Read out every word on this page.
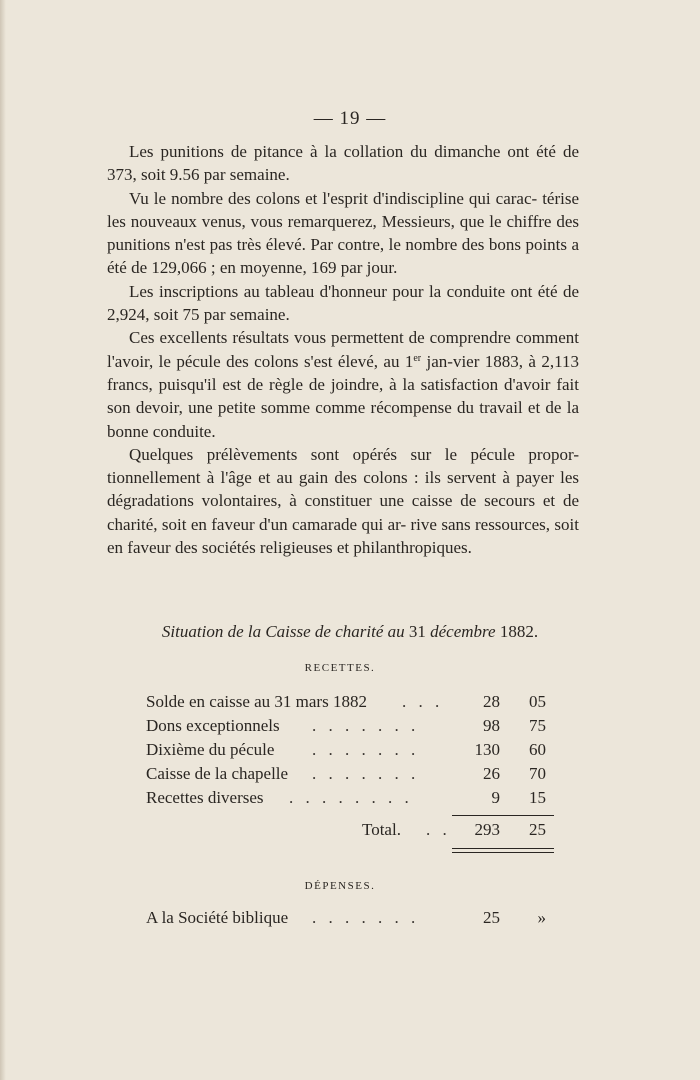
— 19 —

Les punitions de pitance à la collation du dimanche ont été de 373, soit 9.56 par semaine.

Vu le nombre des colons et l'esprit d'indiscipline qui carac- térise les nouveaux venus, vous remarquerez, Messieurs, que le chiffre des punitions n'est pas très élevé. Par contre, le nombre des bons points a été de 129,066 ; en moyenne, 169 par jour.

Les inscriptions au tableau d'honneur pour la conduite ont été de 2,924, soit 75 par semaine.

Ces excellents résultats vous permettent de comprendre comment l'avoir, le pécule des colons s'est élevé, au 1er jan-vier 1883, à 2,113 francs, puisqu'il est de règle de joindre, à la satisfaction d'avoir fait son devoir, une petite somme comme récompense du travail et de la bonne conduite.

Quelques prélèvements sont opérés sur le pécule propor- tionnellement à l'âge et au gain des colons : ils servent à payer les dégradations volontaires, à constituer une caisse de secours et de charité, soit en faveur d'un camarade qui ar- rive sans ressources, soit en faveur des sociétés religieuses et philanthropiques.

Situation de la Caisse de charité au 31 décembre 1882.
RECETTES.
Solde en caisse au 31 mars 1882 . . .	28	05
Dons exceptionnels . . . . . . .	98	75
Dixième du pécule . . . . . . .	130	60
Caisse de la chapelle . . . . . . .	26	70
Recettes diverses . . . . . . . .	9	15
Total. . .	293	25
DÉPENSES.
A la Société biblique . . . . . . .	25	»
